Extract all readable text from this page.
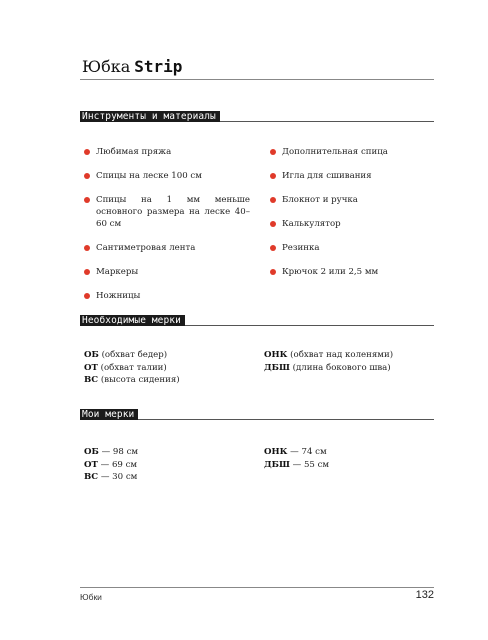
Юбка Strip
Инструменты и материалы
Любимая пряжа
Спицы на леске 100 см
Спицы на 1 мм меньше основного размера на леске 40–60 см
Сантиметровая лента
Маркеры
Ножницы
Дополнительная спица
Игла для сшивания
Блокнот и ручка
Калькулятор
Резинка
Крючок 2 или 2,5 мм
Необходимые мерки
ОБ (обхват бедер)
ОТ (обхват талии)
ВС (высота сидения)
ОНК (обхват над коленями)
ДБШ (длина бокового шва)
Мои мерки
ОБ — 98 см
ОТ — 69 см
ВС — 30 см
ОНК — 74 см
ДБШ — 55 см
Юбки	132
